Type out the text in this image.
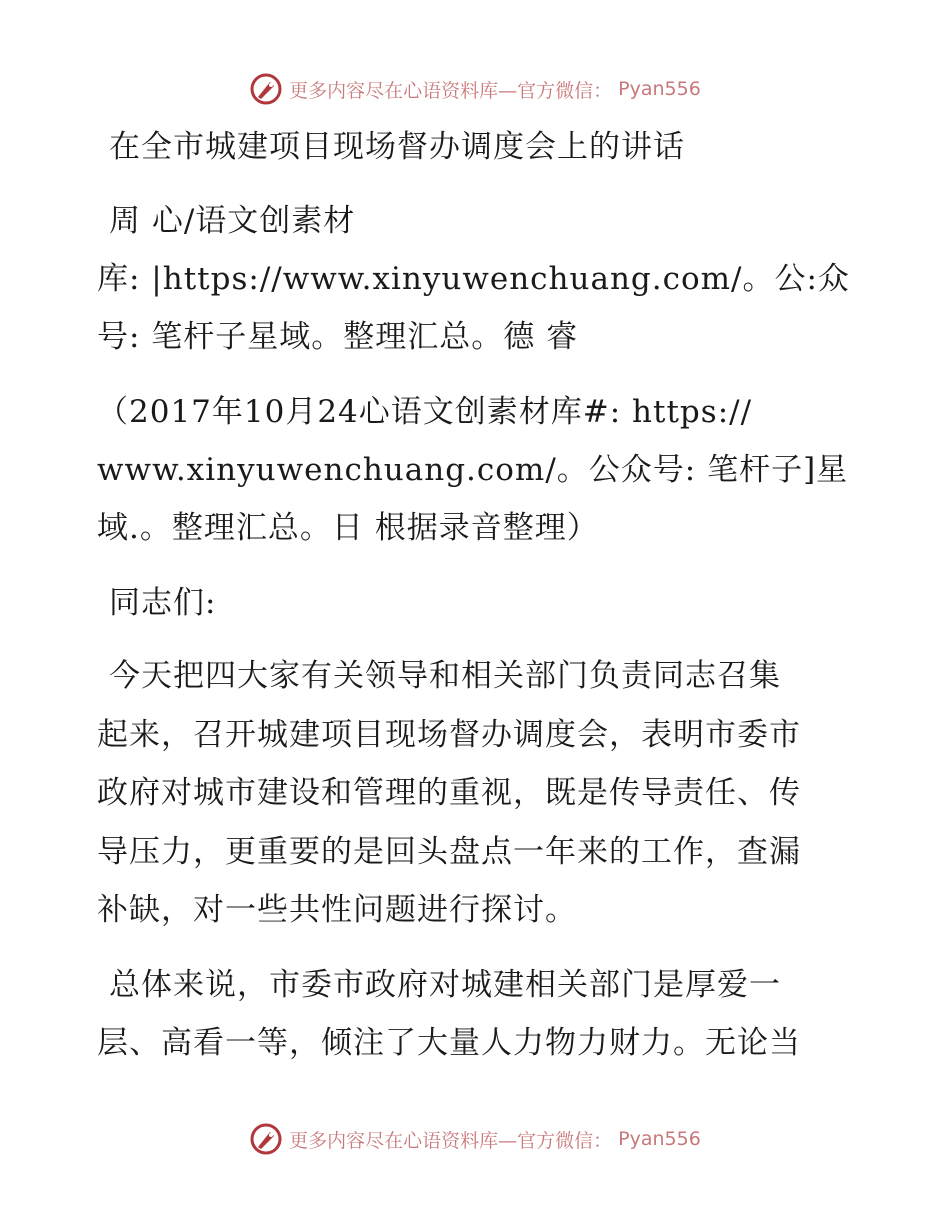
更多内容尽在心语资料库—官方微信： Pyan556
在全市城建项目现场督办调度会上的讲话
周 心/语文创素材
库: |https://www.xinyuwenchuang.com/。公:众
号: 笔杆子星域。整理汇总。德 睿
（2017年10月24心语文创素材库#: https://
www.xinyuwenchuang.com/。公众号: 笔杆子]星
域.。整理汇总。日 根据录音整理）
同志们:
今天把四大家有关领导和相关部门负责同志召集
起来，召开城建项目现场督办调度会，表明市委市
政府对城市建设和管理的重视，既是传导责任、传
导压力，更重要的是回头盘点一年来的工作，查漏
补缺，对一些共性问题进行探讨。
总体来说，市委市政府对城建相关部门是厚爱一
层、高看一等，倾注了大量人力物力财力。无论当
更多内容尽在心语资料库—官方微信： Pyan556
